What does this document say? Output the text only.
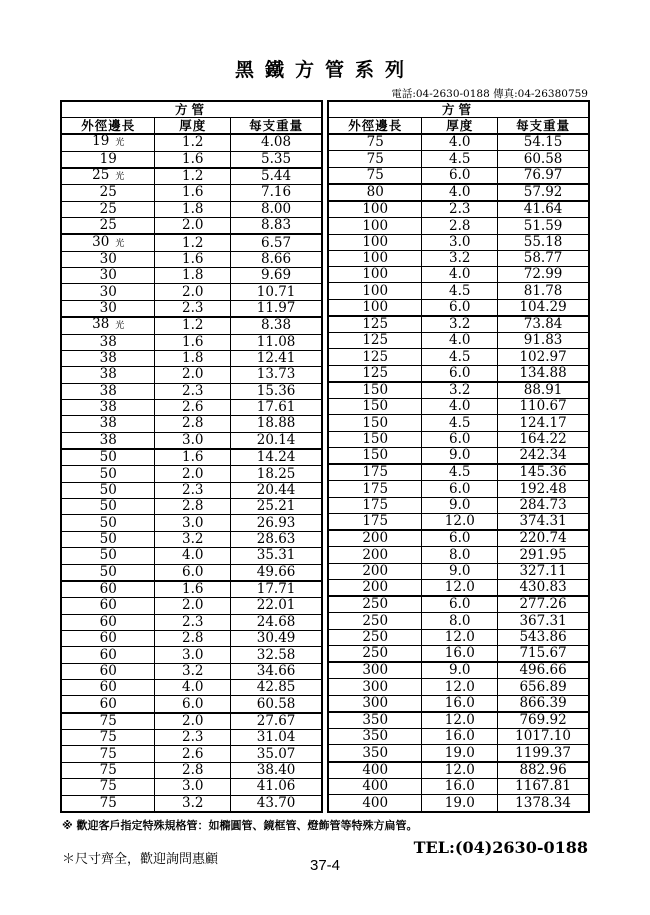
黑鐵方管系列
電話:04-2630-0188 傳真:04-26380759
方管		
外徑邊長	厚度	每支重量
19 光	1.2	4.08
19	1.6	5.35
25 光	1.2	5.44
25	1.6	7.16
25	1.8	8.00
25	2.0	8.83
30 光	1.2	6.57
30	1.6	8.66
30	1.8	9.69
30	2.0	10.71
30	2.3	11.97
38 光	1.2	8.38
38	1.6	11.08
38	1.8	12.41
38	2.0	13.73
38	2.3	15.36
38	2.6	17.61
38	2.8	18.88
38	3.0	20.14
50	1.6	14.24
50	2.0	18.25
50	2.3	20.44
50	2.8	25.21
50	3.0	26.93
50	3.2	28.63
50	4.0	35.31
50	6.0	49.66
60	1.6	17.71
60	2.0	22.01
60	2.3	24.68
60	2.8	30.49
60	3.0	32.58
60	3.2	34.66
60	4.0	42.85
60	6.0	60.58
75	2.0	27.67
75	2.3	31.04
75	2.6	35.07
75	2.8	38.40
75	3.0	41.06
75	3.2	43.70
方管		
外徑邊長	厚度	每支重量
75	4.0	54.15
75	4.5	60.58
75	6.0	76.97
80	4.0	57.92
100	2.3	41.64
100	2.8	51.59
100	3.0	55.18
100	3.2	58.77
100	4.0	72.99
100	4.5	81.78
100	6.0	104.29
125	3.2	73.84
125	4.0	91.83
125	4.5	102.97
125	6.0	134.88
150	3.2	88.91
150	4.0	110.67
150	4.5	124.17
150	6.0	164.22
150	9.0	242.34
175	4.5	145.36
175	6.0	192.48
175	9.0	284.73
175	12.0	374.31
200	6.0	220.74
200	8.0	291.95
200	9.0	327.11
200	12.0	430.83
250	6.0	277.26
250	8.0	367.31
250	12.0	543.86
250	16.0	715.67
300	9.0	496.66
300	12.0	656.89
300	16.0	866.39
350	12.0	769.92
350	16.0	1017.10
350	19.0	1199.37
400	12.0	882.96
400	16.0	1167.81
400	19.0	1378.34
※ 歡迎客戶指定特殊規格管：如橢圓管、鏡框管、燈飾管等特殊方扁管。
＊尺寸齊全，歡迎詢問惠顧
TEL:(04)2630-0188
37-4
